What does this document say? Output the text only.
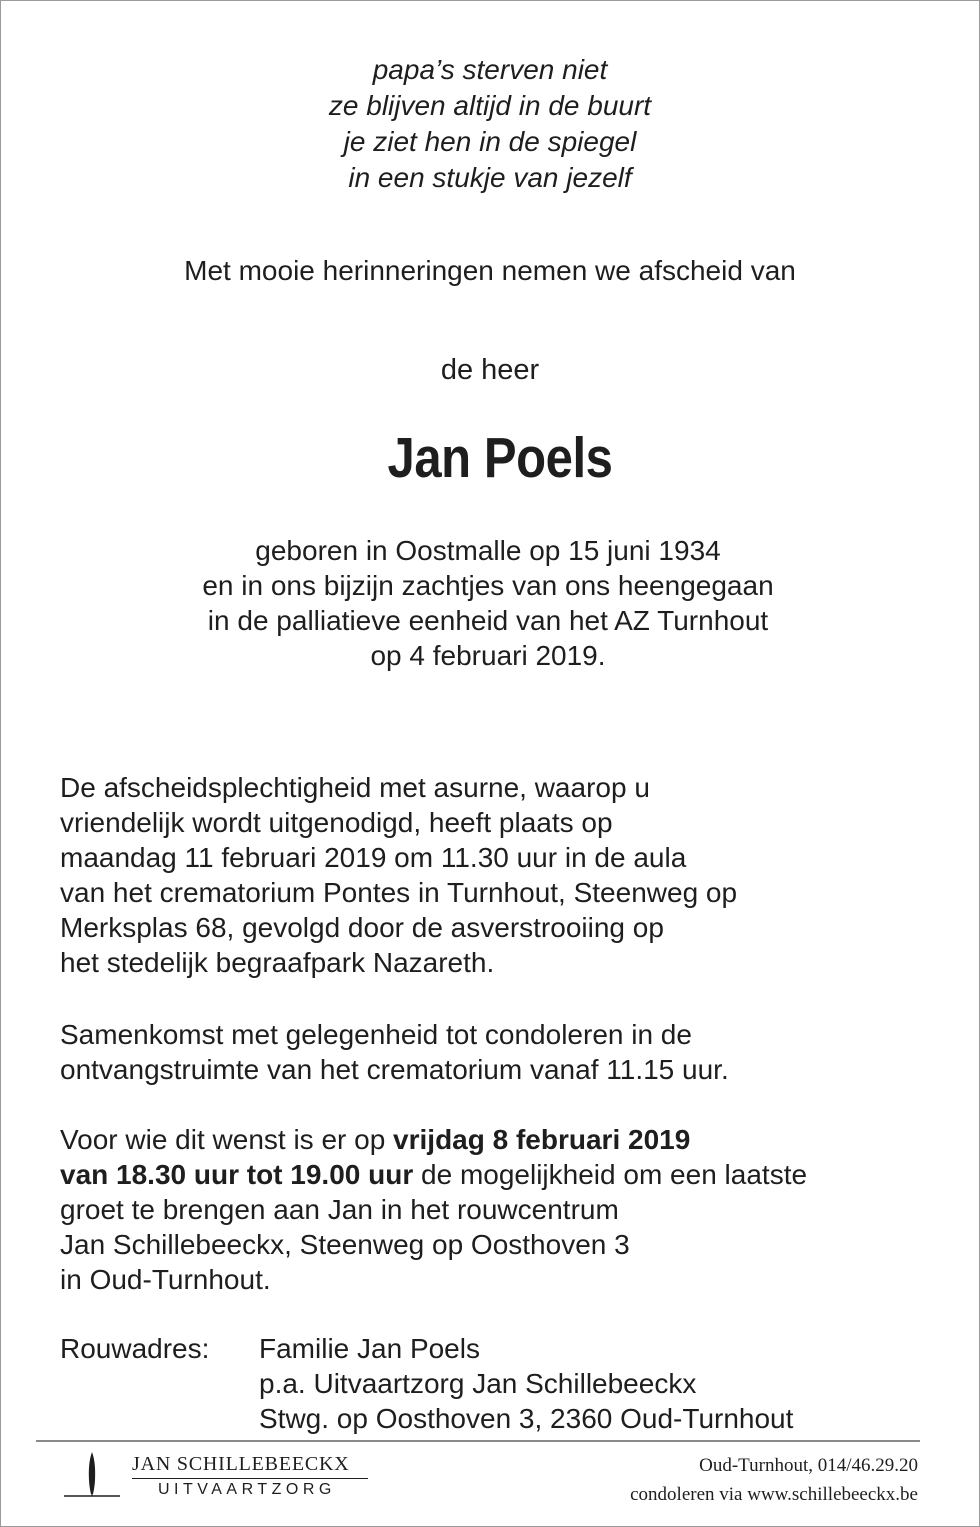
papa’s sterven niet
ze blijven altijd in de buurt
je ziet hen in de spiegel
in een stukje van jezelf
Met mooie herinneringen nemen we afscheid van
de heer
Jan Poels
geboren in Oostmalle op 15 juni 1934
en in ons bijzijn zachtjes van ons heengegaan
in de palliatieve eenheid van het AZ Turnhout
op 4 februari 2019.
De afscheidsplechtigheid met asurne, waarop u
vriendelijk wordt uitgenodigd, heeft plaats op
maandag 11 februari 2019 om 11.30 uur in de aula
van het crematorium Pontes in Turnhout, Steenweg op
Merksplas 68, gevolgd door de asverstrooiing op
het stedelijk begraafpark Nazareth.
Samenkomst met gelegenheid tot condoleren in de
ontvangstruimte van het crematorium vanaf 11.15 uur.
Voor wie dit wenst is er op vrijdag 8 februari 2019
van 18.30 uur tot 19.00 uur de mogelijkheid om een laatste
groet te brengen aan Jan in het rouwcentrum
Jan Schillebeeckx, Steenweg op Oosthoven 3
in Oud-Turnhout.
Rouwadres: Familie Jan Poels
p.a. Uitvaartzorg Jan Schillebeeckx
Stwg. op Oosthoven 3, 2360 Oud-Turnhout
JAN SCHILLEBEECKX
UITVAARTZORG
Oud-Turnhout, 014/46.29.20
condoleren via www.schillebeeckx.be
